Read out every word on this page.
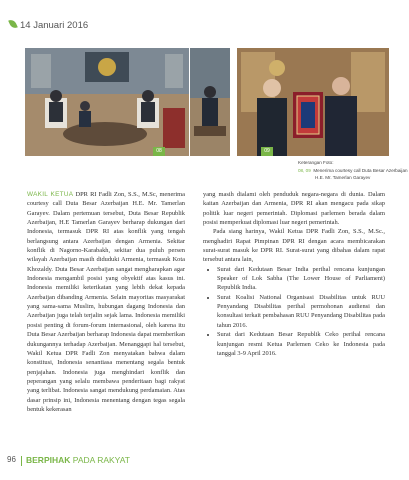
14 Januari 2016
08	09
Keterangan Foto:
08, 09 Menerima courtesy call Duta Besar Azerbaijan
H.E. Mr. Tamerlan Garayev

WAKIL KETUA DPR RI Fadli Zon, S.S., M.Sc, menerima courtesy call Duta Besar Azerbaijan H.E. Mr. Tamerlan Garayev. Dalam pertemuan tersebut, Duta Besar Republik Azerbaijan, H.E Tamerlan Garayev berharap dukungan dari Indonesia, termasuk DPR RI atas konflik yang tengah berlangsung antara Azerbaijan dengan Armenia. Sekitar konflik di Nagorno-Karabakh, sekitar dua puluh persen wilayah Azerbaijan masih diduduki Armenia, termasuk Kota Khozaldy. Duta Besar Azerbaijan sangat mengharapkan agar Indonesia mengambil posisi yang obyektif atas kasus ini. Indonesia memiliki keterikatan yang lebih dekat kepada Azerbaijan dibanding Armenia. Selain mayoritas masyarakat yang sama-sama Muslim, hubungan dagang Indonesia dan Azerbaijan juga telah terjalin sejak lama. Indonesia memiliki posisi penting di forum-forum internasional, oleh karena itu Duta Besar Azerbaijan berharap Indonesia dapat memberikan dukungannya terhadap Azerbaijan. Menanggapi hal tersebut, Wakil Ketua DPR Fadli Zon menyatakan bahwa dalam konstitusi, Indonesia senantiasa menentang segala bentuk penjajahan. Indonesia juga menghindari konflik dan peperangan yang selalu membawa penderitaan bagi rakyat yang terlibat. Indonesia sangat mendukung perdamaian. Atas dasar prinsip ini, Indonesia menentang dengan tegas segala bentuk kekerasan

yang masih dialami oleh penduduk negara-negara di dunia. Dalam kaitan Azerbaijan dan Armenia, DPR RI akan mengacu pada sikap politik luar negeri pemerintah. Diplomasi parlemen berada dalam posisi memperkuat diplomasi luar negeri pemerintah.

Pada siang harinya, Wakil Ketua DPR Fadli Zon, S.S., M.Sc., menghadiri Rapat Pimpinan DPR RI dengan acara membicarakan surat-surat masuk ke DPR RI. Surat-surat yang dibahas dalam rapat tersebut antara lain,

• Surat dari Kedutaan Besar India perihal rencana kunjungan Speaker of Lok Sabha (The Lower House of Parliament) Republik India.
• Surat Koalisi National Organisasi Disabilitas untuk RUU Penyandang Disabilitas perihal permohonan audiensi dan konsultasi terkait pembahasan RUU Penyandang Disabilitas pada tahun 2016.
• Surat dari Kedutaan Besar Republik Ceko perihal rencana kunjungan resmi Ketua Parlemen Ceko ke Indonesia pada tanggal 3-9 April 2016.
96 BERPIHAK PADA RAKYAT
